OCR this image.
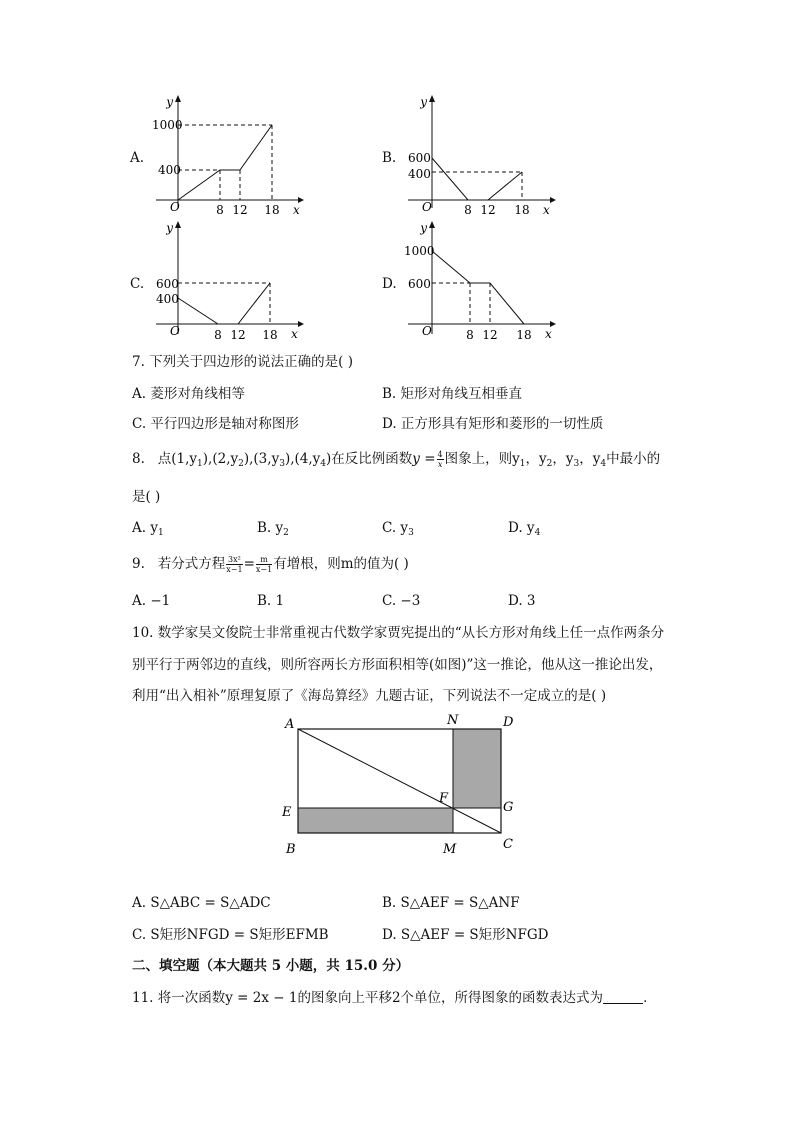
A.
y
1000
400
O	8 12 18 x
B.
y
600
400
O	8 12 18 x
C.
y
600
400
O	8 12 18 x
D.
y
1000
600
O	8 12 18 x
7. 下列关于四边形的说法正确的是( )
A. 菱形对角线相等	B. 矩形对角线互相垂直
C. 平行四边形是轴对称图形	D. 正方形具有矩形和菱形的一切性质
8. 点$(1,y_1),(2,y_2),(3,y_3),(4,y_4)$在反比例函数$y = \frac{4}{x}$ 图象上，则$y_1$，$y_2$，$y_3$，$y_4$中最小的
是( )
A. $y_1$	B. $y_2$	C. $y_3$	D. $y_4$
9. 若分式方程 $\frac{\text{3x²}}{x-1} = \frac{m}{x-1}$ 有增根，则m的值为( )
A. −1	B. 1	C. −3	D. 3
10. 数学家吴文俊院士非常重视古代数学家贾宪提出的“从长方形对角线上任一点作两条分
别平行于两邻边的直线，则所容两长方形面积相等(如图)”这一推论，他从这一推论出发，
利用“出入相补”原理复原了《海岛算经》九题古证，下列说法不一定成立的是( )
A	N	D
E
F
G
B	M	C
A. S△ABC = S△ADC	B. S△AEF = S△ANF
C. S矩形NFGD = S矩形EFMB	D. S△AEF = S矩形NFGD
二、填空题（本大题共 5 小题，共 15.0 分）
11. 将一次函数y = 2x − 1的图象向上平移2个单位，所得图象的函数表达式为	．
